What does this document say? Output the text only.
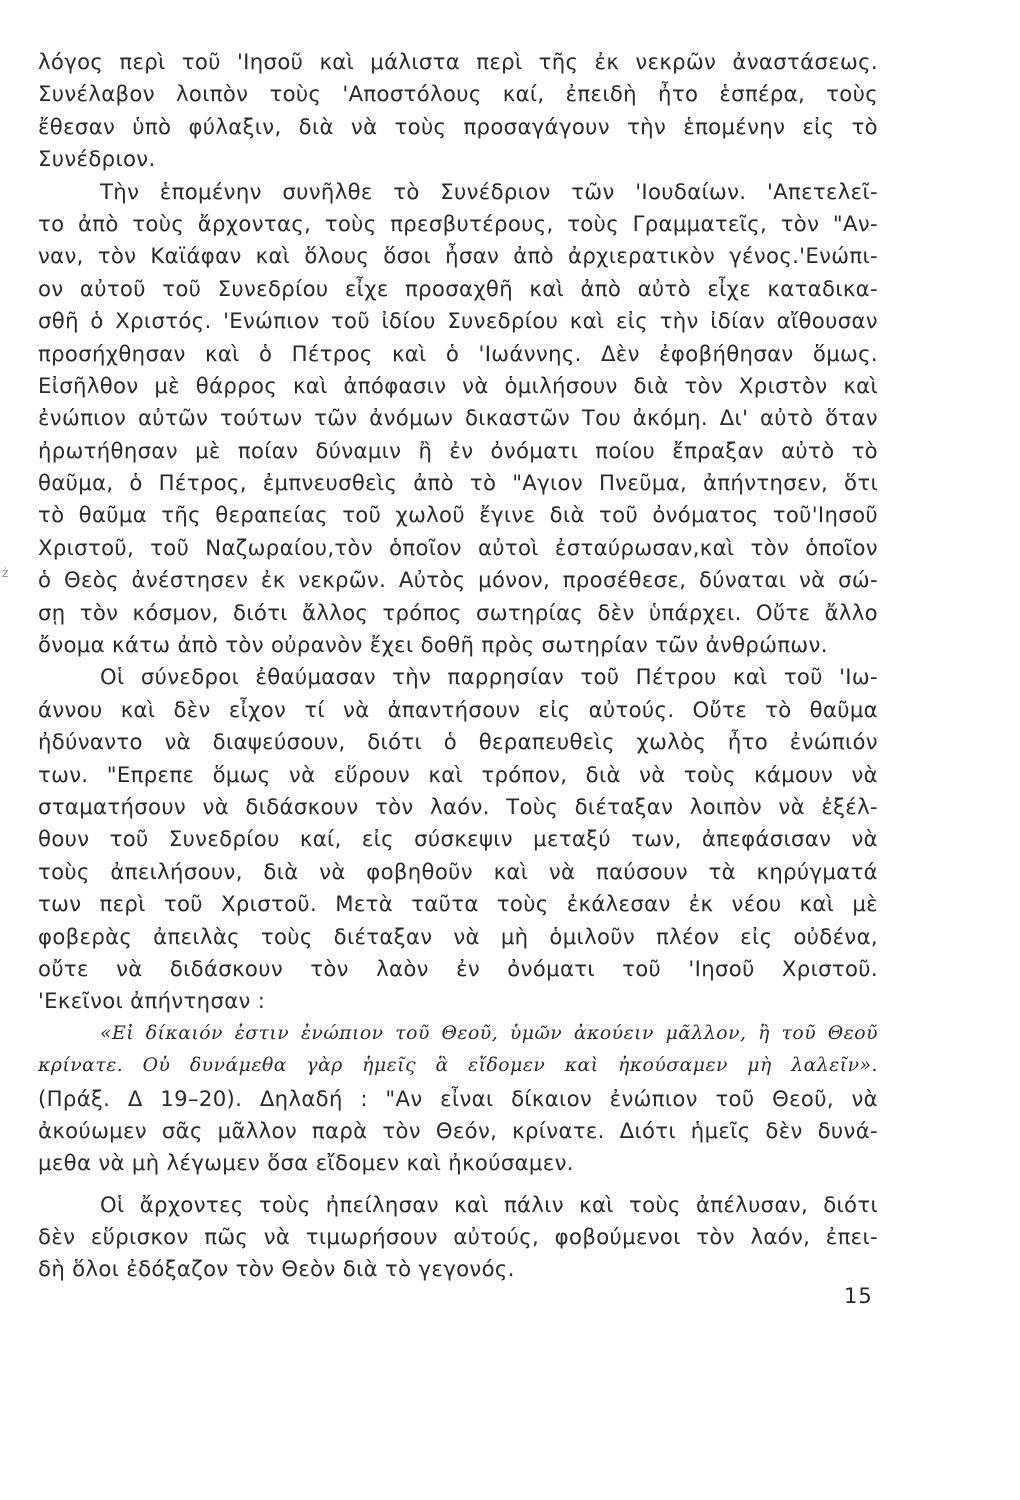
λόγος περὶ τοῦ 'Ιησοῦ καὶ μάλιστα περὶ τῆς ἐκ νεκρῶν ἀναστάσεως.
Συνέλαβον λοιπὸν τοὺς 'Αποστόλους καί, ἐπειδὴ ἦτο ἑσπέρα, τοὺς
ἔθεσαν ὑπὸ φύλαξιν, διὰ νὰ τοὺς προσαγάγουν τὴν ἑπομένην εἰς τὸ
Συνέδριον.
Τὴν ἑπομένην συνῆλθε τὸ Συνέδριον τῶν 'Ιουδαίων. 'Απετελεῖ-
το ἀπὸ τοὺς ἄρχοντας, τοὺς πρεσβυτέρους, τοὺς Γραμματεῖς, τὸν "Αν-
ναν, τὸν Καϊάφαν καὶ ὅλους ὅσοι ἦσαν ἀπὸ ἀρχιερατικὸν γένος.'Ενώπι-
ον αὐτοῦ τοῦ Συνεδρίου εἶχε προσαχθῆ καὶ ἀπὸ αὐτὸ εἶχε καταδικα-
σθῆ ὁ Χριστός. 'Ενώπιον τοῦ ἰδίου Συνεδρίου καὶ εἰς τὴν ἰδίαν αἴθουσαν
προσήχθησαν καὶ ὁ Πέτρος καὶ ὁ 'Ιωάννης. Δὲν ἐφοβήθησαν ὅμως.
Εἰσῆλθον μὲ θάρρος καὶ ἀπόφασιν νὰ ὁμιλήσουν διὰ τὸν Χριστὸν καὶ
ἐνώπιον αὐτῶν τούτων τῶν ἀνόμων δικαστῶν Του ἀκόμη. Δι' αὐτὸ ὅταν
ἠρωτήθησαν μὲ ποίαν δύναμιν ἢ ἐν ὀνόματι ποίου ἔπραξαν αὐτὸ τὸ
θαῦμα, ὁ Πέτρος, ἐμπνευσθεὶς ἀπὸ τὸ "Αγιον Πνεῦμα, ἀπήντησεν, ὅτι
τὸ θαῦμα τῆς θεραπείας τοῦ χωλοῦ ἔγινε διὰ τοῦ ὀνόματος τοῦ'Ιησοῦ
Χριστοῦ, τοῦ Ναζωραίου,τὸν ὁποῖον αὐτοὶ ἐσταύρωσαν,καὶ τὸν ὁποῖον
ὁ Θεὸς ἀνέστησεν ἐκ νεκρῶν. Αὐτὸς μόνον, προσέθεσε, δύναται νὰ σώ-
σῃ τὸν κόσμον, διότι ἄλλος τρόπος σωτηρίας δὲν ὑπάρχει. Οὔτε ἄλλο
ὄνομα κάτω ἀπὸ τὸν οὐρανὸν ἔχει δοθῆ πρὸς σωτηρίαν τῶν ἀνθρώπων.
Οἱ σύνεδροι ἐθαύμασαν τὴν παρρησίαν τοῦ Πέτρου καὶ τοῦ 'Ιω-
άννου καὶ δὲν εἶχον τί νὰ ἀπαντήσουν εἰς αὐτούς. Οὔτε τὸ θαῦμα
ἠδύναντο νὰ διαψεύσουν, διότι ὁ θεραπευθεὶς χωλὸς ἦτο ἐνώπιόν
των. "Επρεπε ὅμως νὰ εὕρουν καὶ τρόπον, διὰ νὰ τοὺς κάμουν νὰ
σταματήσουν νὰ διδάσκουν τὸν λαόν. Τοὺς διέταξαν λοιπὸν νὰ ἐξέλ-
θουν τοῦ Συνεδρίου καί, εἰς σύσκεψιν μεταξύ των, ἀπεφάσισαν νὰ
τοὺς ἀπειλήσουν, διὰ νὰ φοβηθοῦν καὶ νὰ παύσουν τὰ κηρύγματά
των περὶ τοῦ Χριστοῦ. Μετὰ ταῦτα τοὺς ἐκάλεσαν ἐκ νέου καὶ μὲ
φοβερὰς ἀπειλὰς τοὺς διέταξαν νὰ μὴ ὁμιλοῦν πλέον εἰς οὐδένα,
οὔτε νὰ διδάσκουν τὸν λαὸν ἐν ὀνόματι τοῦ 'Ιησοῦ Χριστοῦ.
'Εκεῖνοι ἀπήντησαν :
«Εἰ δίκαιόν ἐστιν ἐνώπιον τοῦ Θεοῦ, ὑμῶν ἀκούειν μᾶλλον, ἢ τοῦ Θεοῦ
κρίνατε. Οὐ δυνάμεθα γὰρ ἡμεῖς ἃ εἴδομεν καὶ ἠκούσαμεν μὴ λαλεῖν».
(Πράξ. Δ 19–20). Δηλαδή : "Αν εἶναι δίκαιον ἐνώπιον τοῦ Θεοῦ, νὰ
ἀκούωμεν σᾶς μᾶλλον παρὰ τὸν Θεόν, κρίνατε. Διότι ἡμεῖς δὲν δυνά-
μεθα νὰ μὴ λέγωμεν ὅσα εἴδομεν καὶ ἠκούσαμεν.
Οἱ ἄρχοντες τοὺς ἠπείλησαν καὶ πάλιν καὶ τοὺς ἀπέλυσαν, διότι
δὲν εὕρισκον πῶς νὰ τιμωρήσουν αὐτούς, φοβούμενοι τὸν λαόν, ἐπει-
δὴ ὅλοι ἐδόξαζον τὸν Θεὸν διὰ τὸ γεγονός.
ż
15
